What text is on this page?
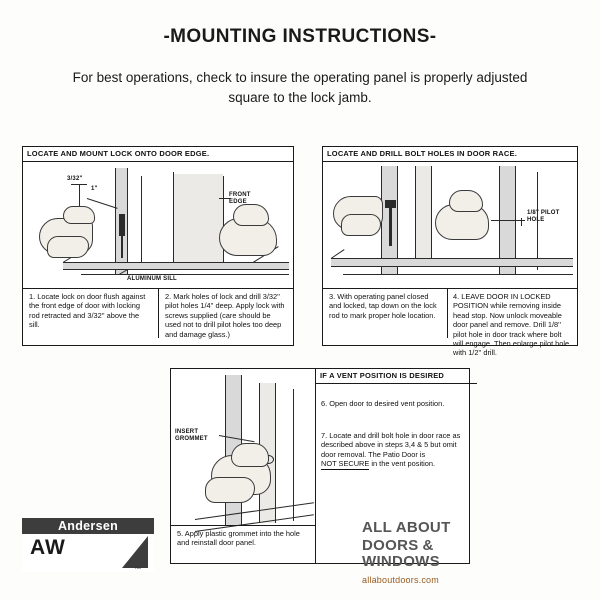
-MOUNTING INSTRUCTIONS-
For best operations, check to insure the operating panel is properly adjusted square to the lock jamb.
LOCATE AND MOUNT LOCK ONTO DOOR EDGE.
3/32"
1"
FRONT EDGE
ALUMINUM SILL
1. Locate lock on door flush against the front edge of door with locking rod retracted and 3/32'' above the sill.
2. Mark holes of lock and drill 3/32'' pilot holes 1/4'' deep. Apply lock with screws supplied (care should be used not to drill pilot holes too deep and damage glass.)
LOCATE AND DRILL BOLT HOLES IN DOOR RACE.
1/8" PILOT HOLE
3. With operating panel closed and locked, tap down on the lock rod to mark proper hole location.
4. LEAVE DOOR IN LOCKED POSITION while removing inside head stop. Now unlock moveable door panel and remove. Drill 1/8'' pilot hole in door track where bolt will engage. Then enlarge pilot hole with 1/2'' drill.
INSERT GROMMET
IF A VENT POSITION IS DESIRED
6. Open door to desired vent position.
7. Locate and drill bolt hole in door race as described above in steps 3,4 & 5 but omit door removal. The Patio Door is NOT SECURE in the vent position.
5. Apply plastic grommet into the hole and reinstall door panel.
Andersen
AW
™
ALL ABOUT
DOORS &
WINDOWS
allaboutdoors.com
